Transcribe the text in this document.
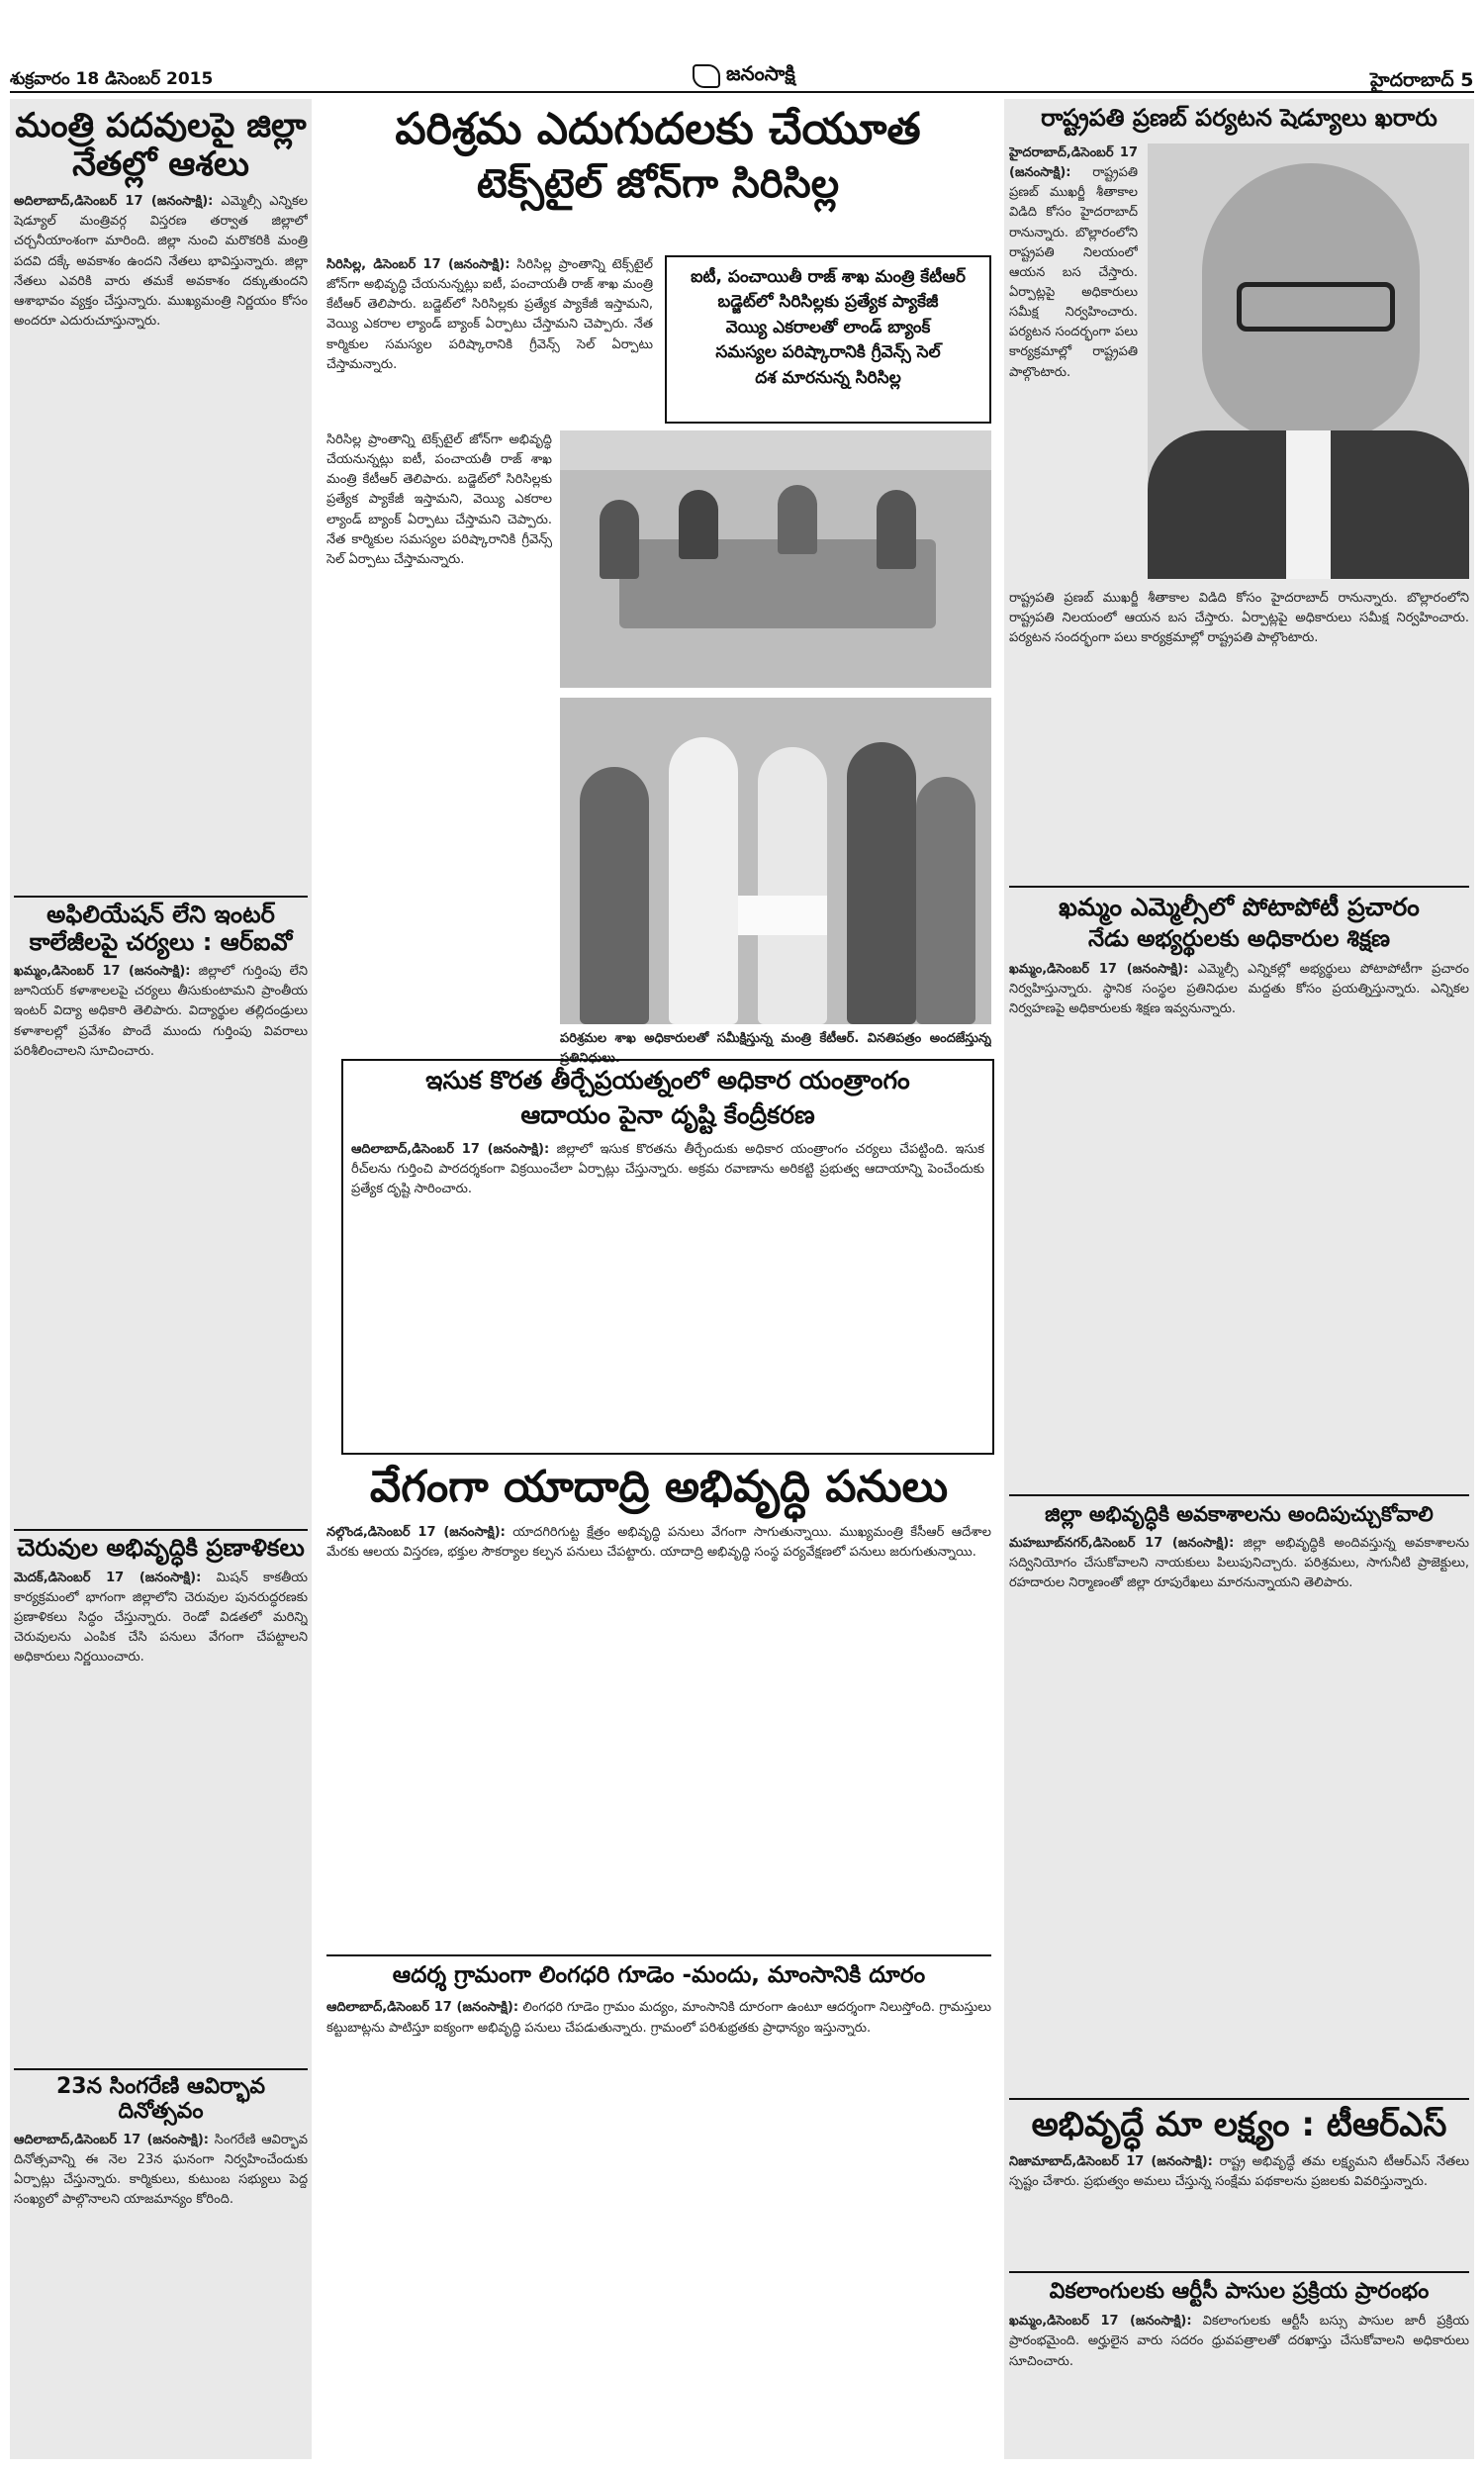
శుక్రవారం 18 డిసెంబర్ 2015	జనంసాక్షి	హైదరాబాద్ 5
మంత్రి పదవులపై జిల్లా నేతల్లో ఆశలు
అదిలాబాద్,డిసెంబర్ 17 (జనంసాక్షి): ఎమ్మెల్సీ ఎన్నికల షెడ్యూల్ మంత్రివర్గ విస్తరణ తర్వాత జిల్లాలో చర్చనీయాంశంగా మారింది. జిల్లా నుంచి మరొకరికి మంత్రి పదవి దక్కే అవకాశం ఉందని నేతలు భావిస్తున్నారు. జిల్లా నేతలు ఎవరికి వారు తమకే అవకాశం దక్కుతుందని ఆశాభావం వ్యక్తం చేస్తున్నారు. ముఖ్యమంత్రి నిర్ణయం కోసం అందరూ ఎదురుచూస్తున్నారు.
అఫిలియేషన్ లేని ఇంటర్ కాలేజీలపై చర్యలు : ఆర్ఐవో
ఖమ్మం,డిసెంబర్ 17 (జనంసాక్షి): జిల్లాలో గుర్తింపు లేని జూనియర్ కళాశాలలపై చర్యలు తీసుకుంటామని ప్రాంతీయ ఇంటర్ విద్యా అధికారి తెలిపారు. విద్యార్థుల తల్లిదండ్రులు కళాశాలల్లో ప్రవేశం పొందే ముందు గుర్తింపు వివరాలు పరిశీలించాలని సూచించారు.
చెరువుల అభివృద్ధికి ప్రణాళికలు
మెదక్,డిసెంబర్ 17 (జనంసాక్షి): మిషన్ కాకతీయ కార్యక్రమంలో భాగంగా జిల్లాలోని చెరువుల పునరుద్ధరణకు ప్రణాళికలు సిద్ధం చేస్తున్నారు. రెండో విడతలో మరిన్ని చెరువులను ఎంపిక చేసి పనులు వేగంగా చేపట్టాలని అధికారులు నిర్ణయించారు.
23న సింగరేణి ఆవిర్భావ దినోత్సవం
ఆదిలాబాద్,డిసెంబర్ 17 (జనంసాక్షి): సింగరేణి ఆవిర్భావ దినోత్సవాన్ని ఈ నెల 23న ఘనంగా నిర్వహించేందుకు ఏర్పాట్లు చేస్తున్నారు. కార్మికులు, కుటుంబ సభ్యులు పెద్ద సంఖ్యలో పాల్గొనాలని యాజమాన్యం కోరింది.
పరిశ్రమ ఎదుగుదలకు చేయూత
టెక్స్‌టైల్ జోన్‌గా సిరిసిల్ల
సిరిసిల్ల, డిసెంబర్ 17 (జనంసాక్షి): సిరిసిల్ల ప్రాంతాన్ని టెక్స్‌టైల్ జోన్‌గా అభివృద్ధి చేయనున్నట్లు ఐటీ, పంచాయతీ రాజ్ శాఖ మంత్రి కేటీఆర్ తెలిపారు. బడ్జెట్‌లో సిరిసిల్లకు ప్రత్యేక ప్యాకేజీ ఇస్తామని, వెయ్యి ఎకరాల ల్యాండ్ బ్యాంక్ ఏర్పాటు చేస్తామని చెప్పారు. నేత కార్మికుల సమస్యల పరిష్కారానికి గ్రీవెన్స్ సెల్ ఏర్పాటు చేస్తామన్నారు.
ఐటీ, పంచాయితీ రాజ్ శాఖ మంత్రి కేటీఆర్
బడ్జెట్‌లో సిరిసిల్లకు ప్రత్యేక ప్యాకేజీ
వెయ్యి ఎకరాలతో లాండ్ బ్యాంక్
సమస్యల పరిష్కారానికి గ్రీవెన్స్ సెల్
దశ మారనున్న సిరిసిల్ల
సిరిసిల్ల ప్రాంతాన్ని టెక్స్‌టైల్ జోన్‌గా అభివృద్ధి చేయనున్నట్లు ఐటీ, పంచాయతీ రాజ్ శాఖ మంత్రి కేటీఆర్ తెలిపారు. బడ్జెట్‌లో సిరిసిల్లకు ప్రత్యేక ప్యాకేజీ ఇస్తామని, వెయ్యి ఎకరాల ల్యాండ్ బ్యాంక్ ఏర్పాటు చేస్తామని చెప్పారు. నేత కార్మికుల సమస్యల పరిష్కారానికి గ్రీవెన్స్ సెల్ ఏర్పాటు చేస్తామన్నారు.
పరిశ్రమల శాఖ అధికారులతో సమీక్షిస్తున్న మంత్రి కేటీఆర్. వినతిపత్రం అందజేస్తున్న ప్రతినిధులు.
ఇసుక కొరత తీర్చేప్రయత్నంలో అధికార యంత్రాంగం
ఆదాయం పైనా దృష్టి కేంద్రీకరణ
ఆదిలాబాద్,డిసెంబర్ 17 (జనంసాక్షి): జిల్లాలో ఇసుక కొరతను తీర్చేందుకు అధికార యంత్రాంగం చర్యలు చేపట్టింది. ఇసుక రీచ్‌లను గుర్తించి పారదర్శకంగా విక్రయించేలా ఏర్పాట్లు చేస్తున్నారు. అక్రమ రవాణాను అరికట్టి ప్రభుత్వ ఆదాయాన్ని పెంచేందుకు ప్రత్యేక దృష్టి సారించారు.
వేగంగా యాదాద్రి అభివృద్ధి పనులు
నల్గొండ,డిసెంబర్ 17 (జనంసాక్షి): యాదగిరిగుట్ట క్షేత్రం అభివృద్ధి పనులు వేగంగా సాగుతున్నాయి. ముఖ్యమంత్రి కేసీఆర్ ఆదేశాల మేరకు ఆలయ విస్తరణ, భక్తుల సౌకర్యాల కల్పన పనులు చేపట్టారు. యాదాద్రి అభివృద్ధి సంస్థ పర్యవేక్షణలో పనులు జరుగుతున్నాయి.
ఆదర్శ గ్రామంగా లింగధరి గూడెం -మందు, మాంసానికి దూరం
ఆదిలాబాద్,డిసెంబర్ 17 (జనంసాక్షి): లింగధరి గూడెం గ్రామం మద్యం, మాంసానికి దూరంగా ఉంటూ ఆదర్శంగా నిలుస్తోంది. గ్రామస్తులు కట్టుబాట్లను పాటిస్తూ ఐక్యంగా అభివృద్ధి పనులు చేపడుతున్నారు. గ్రామంలో పరిశుభ్రతకు ప్రాధాన్యం ఇస్తున్నారు.
రాష్ట్రపతి ప్రణబ్ పర్యటన షెడ్యూలు ఖరారు
హైదరాబాద్,డిసెంబర్ 17 (జనంసాక్షి): రాష్ట్రపతి ప్రణబ్ ముఖర్జీ శీతాకాల విడిది కోసం హైదరాబాద్ రానున్నారు. బొల్లారంలోని రాష్ట్రపతి నిలయంలో ఆయన బస చేస్తారు. ఏర్పాట్లపై అధికారులు సమీక్ష నిర్వహించారు. పర్యటన సందర్భంగా పలు కార్యక్రమాల్లో రాష్ట్రపతి పాల్గొంటారు.
రాష్ట్రపతి ప్రణబ్ ముఖర్జీ శీతాకాల విడిది కోసం హైదరాబాద్ రానున్నారు. బొల్లారంలోని రాష్ట్రపతి నిలయంలో ఆయన బస చేస్తారు. ఏర్పాట్లపై అధికారులు సమీక్ష నిర్వహించారు. పర్యటన సందర్భంగా పలు కార్యక్రమాల్లో రాష్ట్రపతి పాల్గొంటారు.
ఖమ్మం ఎమ్మెల్సీలో పోటాపోటీ ప్రచారం
నేడు అభ్యర్థులకు అధికారుల శిక్షణ
ఖమ్మం,డిసెంబర్ 17 (జనంసాక్షి): ఎమ్మెల్సీ ఎన్నికల్లో అభ్యర్థులు పోటాపోటీగా ప్రచారం నిర్వహిస్తున్నారు. స్థానిక సంస్థల ప్రతినిధుల మద్దతు కోసం ప్రయత్నిస్తున్నారు. ఎన్నికల నిర్వహణపై అధికారులకు శిక్షణ ఇవ్వనున్నారు.
జిల్లా అభివృద్ధికి అవకాశాలను అందిపుచ్చుకోవాలి
మహబూబ్‌నగర్,డిసెంబర్ 17 (జనంసాక్షి): జిల్లా అభివృద్ధికి అందివస్తున్న అవకాశాలను సద్వినియోగం చేసుకోవాలని నాయకులు పిలుపునిచ్చారు. పరిశ్రమలు, సాగునీటి ప్రాజెక్టులు, రహదారుల నిర్మాణంతో జిల్లా రూపురేఖలు మారనున్నాయని తెలిపారు.
అభివృద్ధే మా లక్ష్యం : టీఆర్ఎస్
నిజామాబాద్,డిసెంబర్ 17 (జనంసాక్షి): రాష్ట్ర అభివృద్ధే తమ లక్ష్యమని టీఆర్ఎస్ నేతలు స్పష్టం చేశారు. ప్రభుత్వం అమలు చేస్తున్న సంక్షేమ పథకాలను ప్రజలకు వివరిస్తున్నారు.
వికలాంగులకు ఆర్టీసీ పాసుల ప్రక్రియ ప్రారంభం
ఖమ్మం,డిసెంబర్ 17 (జనంసాక్షి): వికలాంగులకు ఆర్టీసీ బస్సు పాసుల జారీ ప్రక్రియ ప్రారంభమైంది. అర్హులైన వారు సదరం ధ్రువపత్రాలతో దరఖాస్తు చేసుకోవాలని అధికారులు సూచించారు.
